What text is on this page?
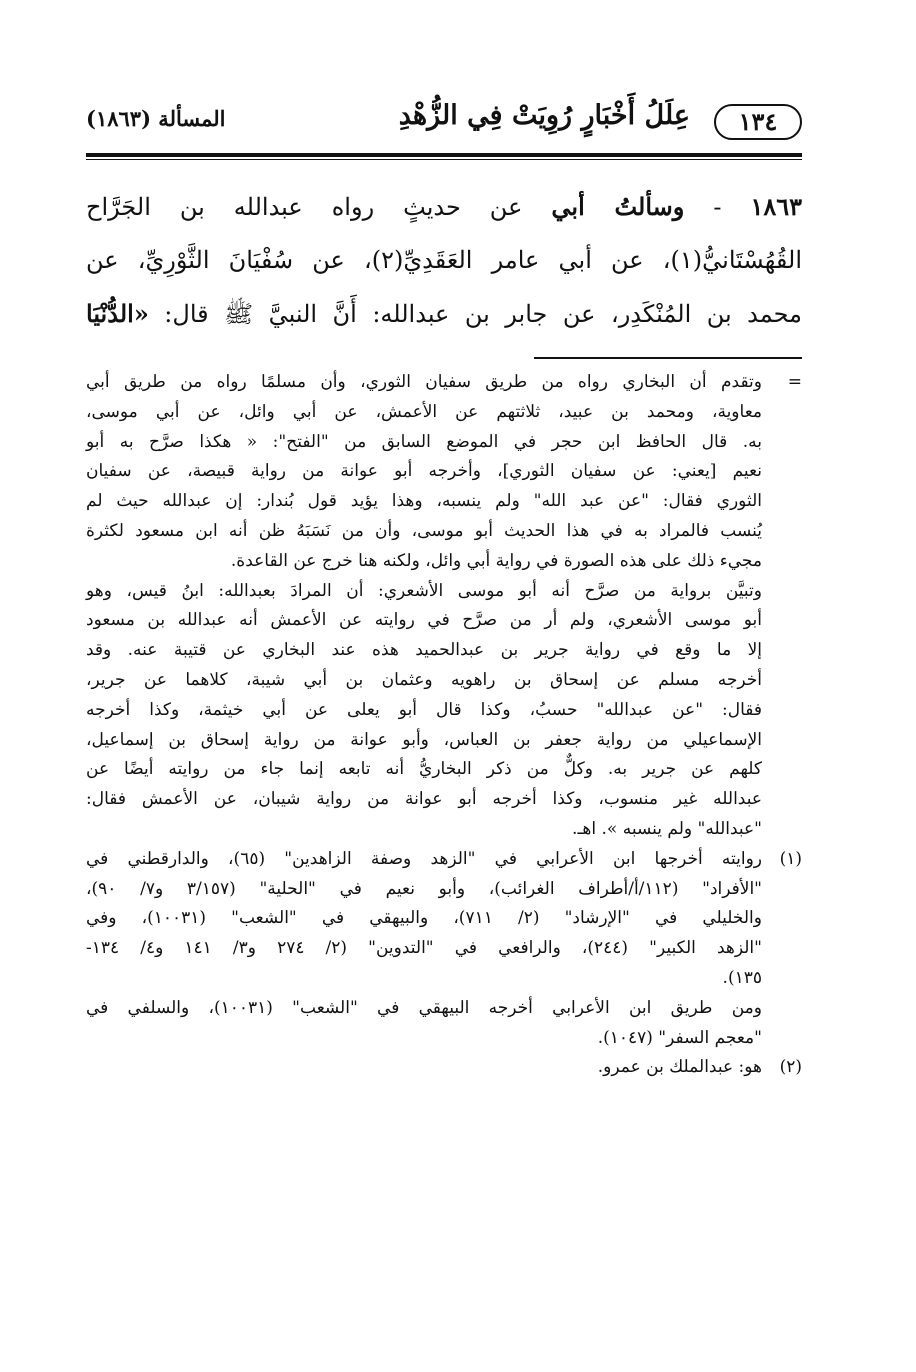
١٣٤
عِلَلُ أَخْبَارٍ رُوِيَتْ فِي الزُّهْدِ
المسألة (١٨٦٣)
١٨٦٣ - وسألتُ أبي عن حديثٍ رواه عبدالله بن الجَرَّاح
القُهُسْتَانيُّ(١)، عن أبي عامر العَقَدِيِّ(٢)، عن سُفْيَانَ الثَّوْرِيِّ، عن
محمد بن المُنْكَدِر، عن جابر بن عبدالله: أَنَّ النبيَّ ﷺ قال: «الدُّنْيَا
=
وتقدم أن البخاري رواه من طريق سفيان الثوري، وأن مسلمًا رواه من طريق أبي
معاوية، ومحمد بن عبيد، ثلاثتهم عن الأعمش، عن أبي وائل، عن أبي موسى،
به. قال الحافظ ابن حجر في الموضع السابق من "الفتح": « هكذا صرَّح به أبو
نعيم [يعني: عن سفيان الثوري]، وأخرجه أبو عوانة من رواية قبيصة، عن سفيان
الثوري فقال: "عن عبد الله" ولم ينسبه، وهذا يؤيد قول بُندار: إن عبدالله حيث لم
يُنسب فالمراد به في هذا الحديث أبو موسى، وأن من نَسَبَهُ ظن أنه ابن مسعود لكثرة
مجيء ذلك على هذه الصورة في رواية أبي وائل، ولكنه هنا خرج عن القاعدة.
وتبيَّن برواية من صرَّح أنه أبو موسى الأشعري: أن المرادَ بعبدالله: ابنُ قيس، وهو
أبو موسى الأشعري، ولم أر من صرَّح في روايته عن الأعمش أنه عبدالله بن مسعود
إلا ما وقع في رواية جرير بن عبدالحميد هذه عند البخاري عن قتيبة عنه. وقد
أخرجه مسلم عن إسحاق بن راهويه وعثمان بن أبي شيبة، كلاهما عن جرير،
فقال: "عن عبدالله" حسبُ، وكذا قال أبو يعلى عن أبي خيثمة، وكذا أخرجه
الإسماعيلي من رواية جعفر بن العباس، وأبو عوانة من رواية إسحاق بن إسماعيل،
كلهم عن جرير به. وكلٌّ من ذكر البخاريُّ أنه تابعه إنما جاء من روايته أيضًا عن
عبدالله غير منسوب، وكذا أخرجه أبو عوانة من رواية شيبان، عن الأعمش فقال:
"عبدالله" ولم ينسبه ». اهـ.
(١)
روايته أخرجها ابن الأعرابي في "الزهد وصفة الزاهدين" (٦٥)، والدارقطني في
"الأفراد" (١١٢/أ/أطراف الغرائب)، وأبو نعيم في "الحلية" (٣/١٥٧ و٧/ ٩٠)،
والخليلي في "الإرشاد" (٢/ ٧١١)، والبيهقي في "الشعب" (١٠٠٣١)، وفي
"الزهد الكبير" (٢٤٤)، والرافعي في "التدوين" (٢/ ٢٧٤ و٣/ ١٤١ و٤/ ١٣٤-
١٣٥).
ومن طريق ابن الأعرابي أخرجه البيهقي في "الشعب" (١٠٠٣١)، والسلفي في
"معجم السفر" (١٠٤٧).
(٢)
هو: عبدالملك بن عمرو.
